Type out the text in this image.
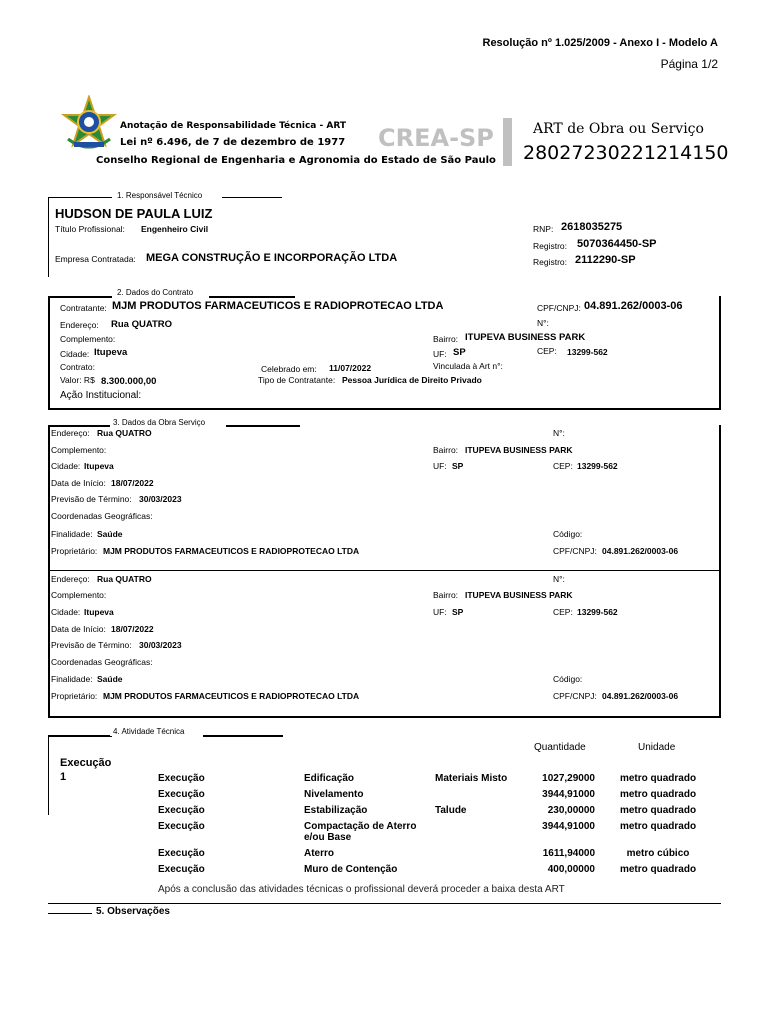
Resolução nº 1.025/2009 - Anexo I - Modelo A
Página 1/2
Anotação de Responsabilidade Técnica - ART
Lei nº 6.496, de 7 de dezembro de 1977
Conselho Regional de Engenharia e Agronomia do Estado de São Paulo
CREA-SP	ART de Obra ou Serviço
28027230221214150
1. Responsável Técnico
HUDSON DE PAULA LUIZ
Título Profissional: Engenheiro Civil
Empresa Contratada: MEGA CONSTRUÇÃO E INCORPORAÇÃO LTDA
RNP: 2618035275
Registro: 5070364450-SP
Registro: 2112290-SP
2. Dados do Contrato
Contratante: MJM PRODUTOS FARMACEUTICOS E RADIOPROTECAO LTDA	CPF/CNPJ: 04.891.262/0003-06
Endereço: Rua QUATRO	N°:
Complemento:	Bairro: ITUPEVA BUSINESS PARK
Cidade: Itupeva	UF: SP	CEP: 13299-562
Contrato:	Celebrado em: 11/07/2022	Vinculada à Art n°:
Valor: R$ 8.300.000,00	Tipo de Contratante: Pessoa Jurídica de Direito Privado
Ação Institucional:
3. Dados da Obra Serviço
Endereço: Rua QUATRO	N°:
Complemento:	Bairro: ITUPEVA BUSINESS PARK
Cidade: Itupeva	UF: SP	CEP: 13299-562
Data de Início: 18/07/2022
Previsão de Término: 30/03/2023
Coordenadas Geográficas:
Finalidade: Saúde	Código:
Proprietário: MJM PRODUTOS FARMACEUTICOS E RADIOPROTECAO LTDA	CPF/CNPJ: 04.891.262/0003-06
Endereço: Rua QUATRO	N°:
Complemento:	Bairro: ITUPEVA BUSINESS PARK
Cidade: Itupeva	UF: SP	CEP: 13299-562
Data de Início: 18/07/2022
Previsão de Término: 30/03/2023
Coordenadas Geográficas:
Finalidade: Saúde	Código:
Proprietário: MJM PRODUTOS FARMACEUTICOS E RADIOPROTECAO LTDA	CPF/CNPJ: 04.891.262/0003-06
4. Atividade Técnica
Quantidade	Unidade
Execução
1	Execução	Edificação	Materiais Misto	1027,29000	metro quadrado
Execução	Nivelamento	3944,91000	metro quadrado
Execução	Estabilização	Talude	230,00000	metro quadrado
Execução	Compactação de Aterro e/ou Base
3944,91000	metro quadrado
Execução	Aterro	1611,94000	metro cúbico
Execução	Muro de Contenção	400,00000	metro quadrado
Após a conclusão das atividades técnicas o profissional deverá proceder a baixa desta ART
5. Observações
